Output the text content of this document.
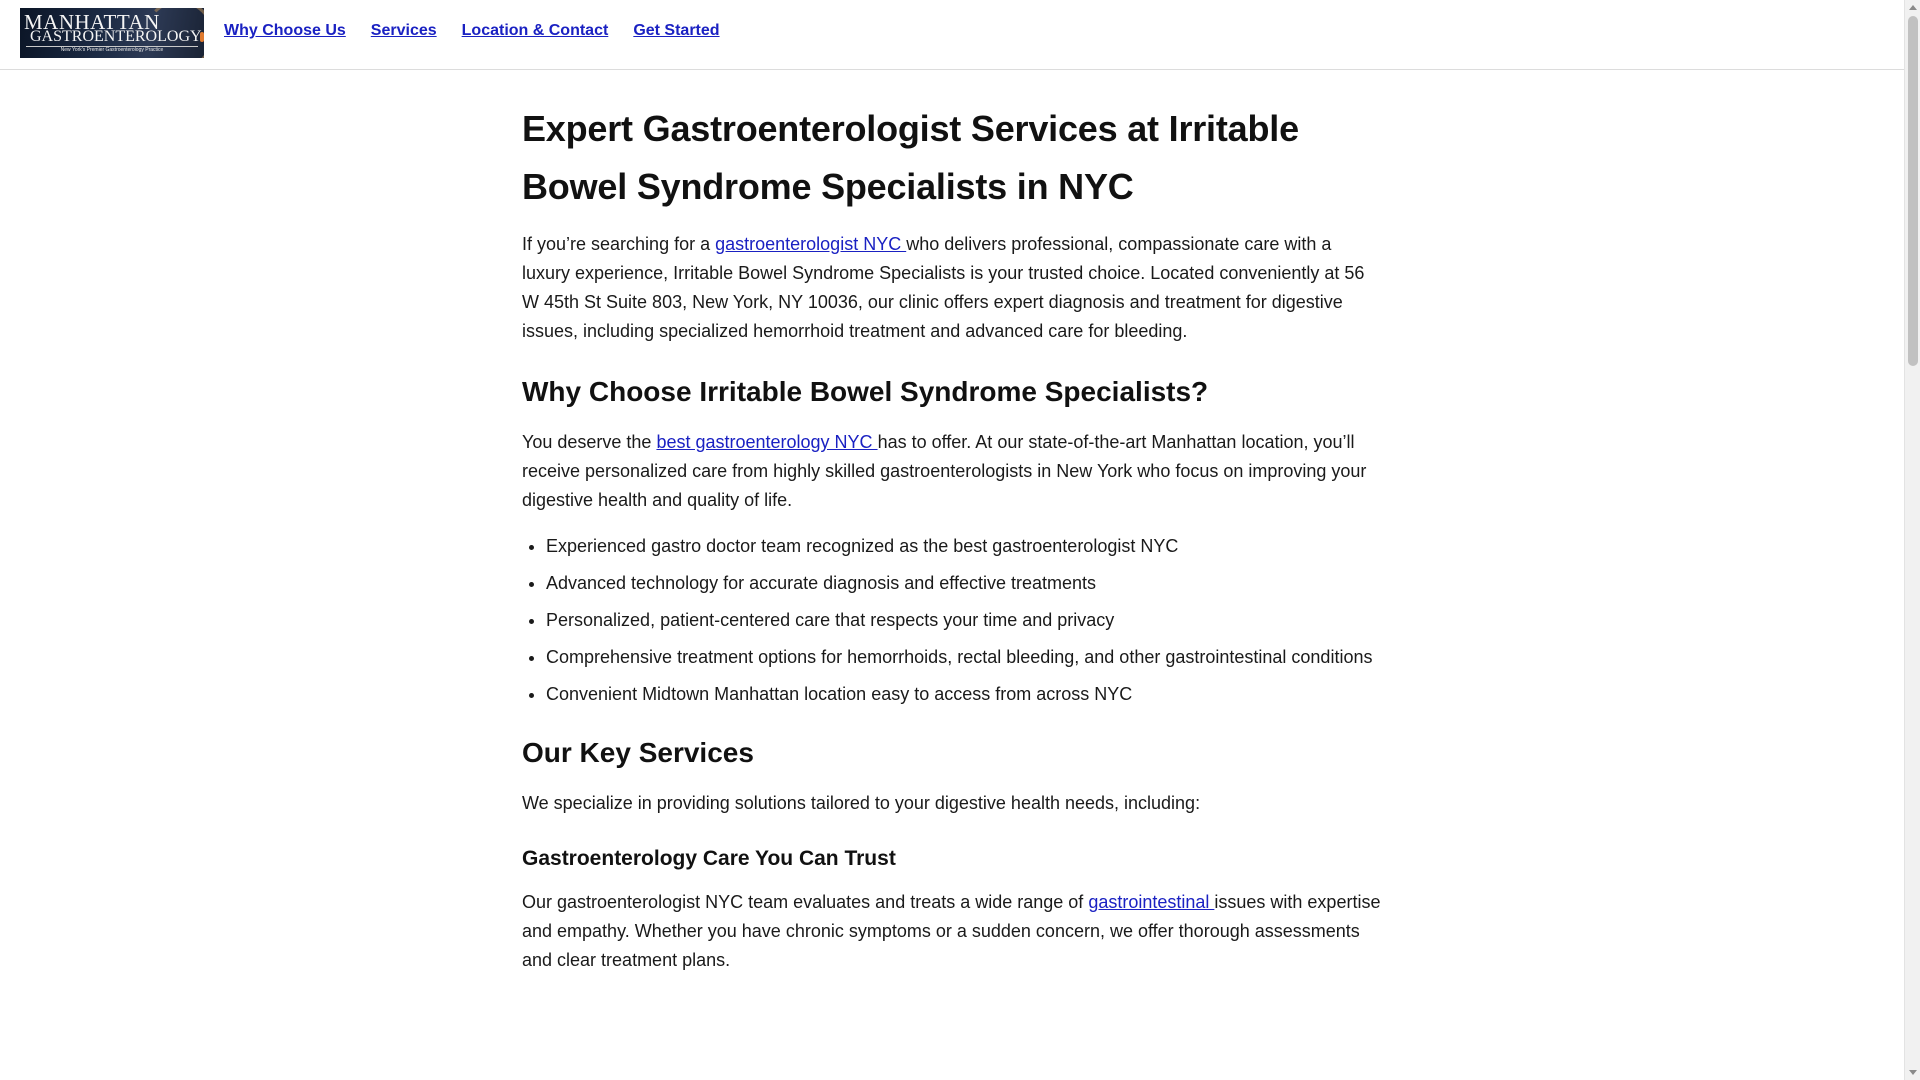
MANHATTAN
GASTROENTEROLOGY
New York's Premier Gastroenterology Practice
Why Choose Us Services Location & Contact Get Started
Expert Gastroenterologist Services at Irritable Bowel Syndrome Specialists in NYC

If you’re searching for a gastroenterologist NYC who delivers professional, compassionate care with a luxury experience, Irritable Bowel Syndrome Specialists is your trusted choice. Located conveniently at 56 W 45th St Suite 803, New York, NY 10036, our clinic offers expert diagnosis and treatment for digestive issues, including specialized hemorrhoid treatment and advanced care for bleeding.

Why Choose Irritable Bowel Syndrome Specialists?

You deserve the best gastroenterology NYC has to offer. At our state-of-the-art Manhattan location, you’ll receive personalized care from highly skilled gastroenterologists in New York who focus on improving your digestive health and quality of life.

• Experienced gastro doctor team recognized as the best gastroenterologist NYC
• Advanced technology for accurate diagnosis and effective treatments
• Personalized, patient-centered care that respects your time and privacy
• Comprehensive treatment options for hemorrhoids, rectal bleeding, and other gastrointestinal conditions
• Convenient Midtown Manhattan location easy to access from across NYC
Our Key Services

We specialize in providing solutions tailored to your digestive health needs, including:

Gastroenterology Care You Can Trust

Our gastroenterologist NYC team evaluates and treats a wide range of gastrointestinal issues with expertise and empathy. Whether you have chronic symptoms or a sudden concern, we offer thorough assessments and clear treatment plans.
